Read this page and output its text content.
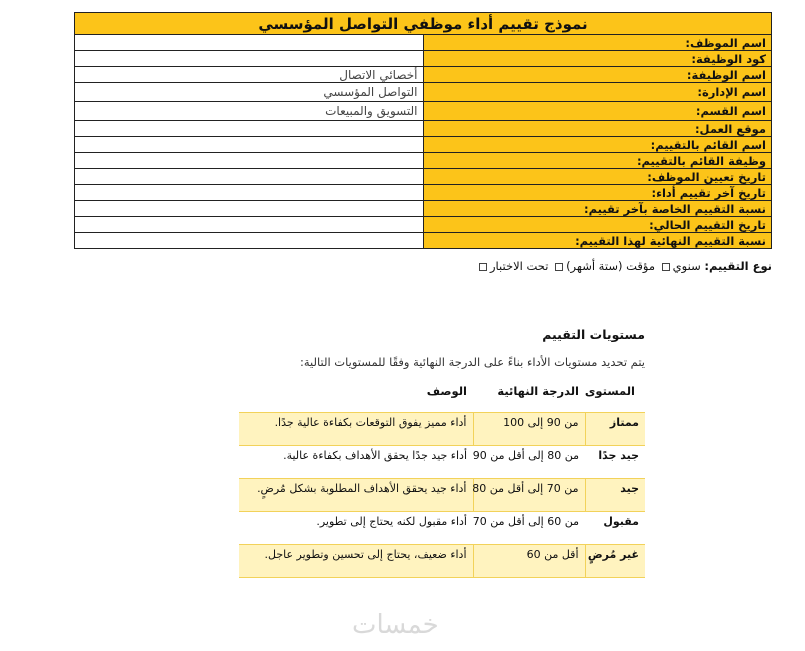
نموذج تقييم أداء موظفي التواصل المؤسسي	
اسم الموظف:	
كود الوظيفة:	
اسم الوظيفة:	أخصائي الاتصال
اسم الإدارة:	التواصل المؤسسي
اسم القسم:	التسويق والمبيعات
موقع العمل:	
اسم القائم بالتقييم:	
وظيفة القائم بالتقييم:	
تاريخ تعيين الموظف:	
تاريخ آخر تقييم أداء:	
نسبة التقييم الخاصة بآخر تقييم:	
تاريخ التقييم الحالي:	
نسبة التقييم النهائية لهذا التقييم:	
نوع التقييم: سنوي مؤقت (ستة أشهر) تحت الاختبار
مستويات التقييم
يتم تحديد مستويات الأداء بناءً على الدرجة النهائية وفقًا للمستويات التالية:
المستوى	الدرجة النهائية	الوصف

ممتاز	من 90 إلى 100	أداء مميز يفوق التوقعات بكفاءة عالية جدًا.
جيد جدًا	من 80 إلى أقل من 90	أداء جيد جدًا يحقق الأهداف بكفاءة عالية.
جيد	من 70 إلى أقل من 80	أداء جيد يحقق الأهداف المطلوبة بشكل مُرضٍ.
مقبول	من 60 إلى أقل من 70	أداء مقبول لكنه يحتاج إلى تطوير.
غير مُرضٍ	أقل من 60	أداء ضعيف، يحتاج إلى تحسين وتطوير عاجل.
خمسات
